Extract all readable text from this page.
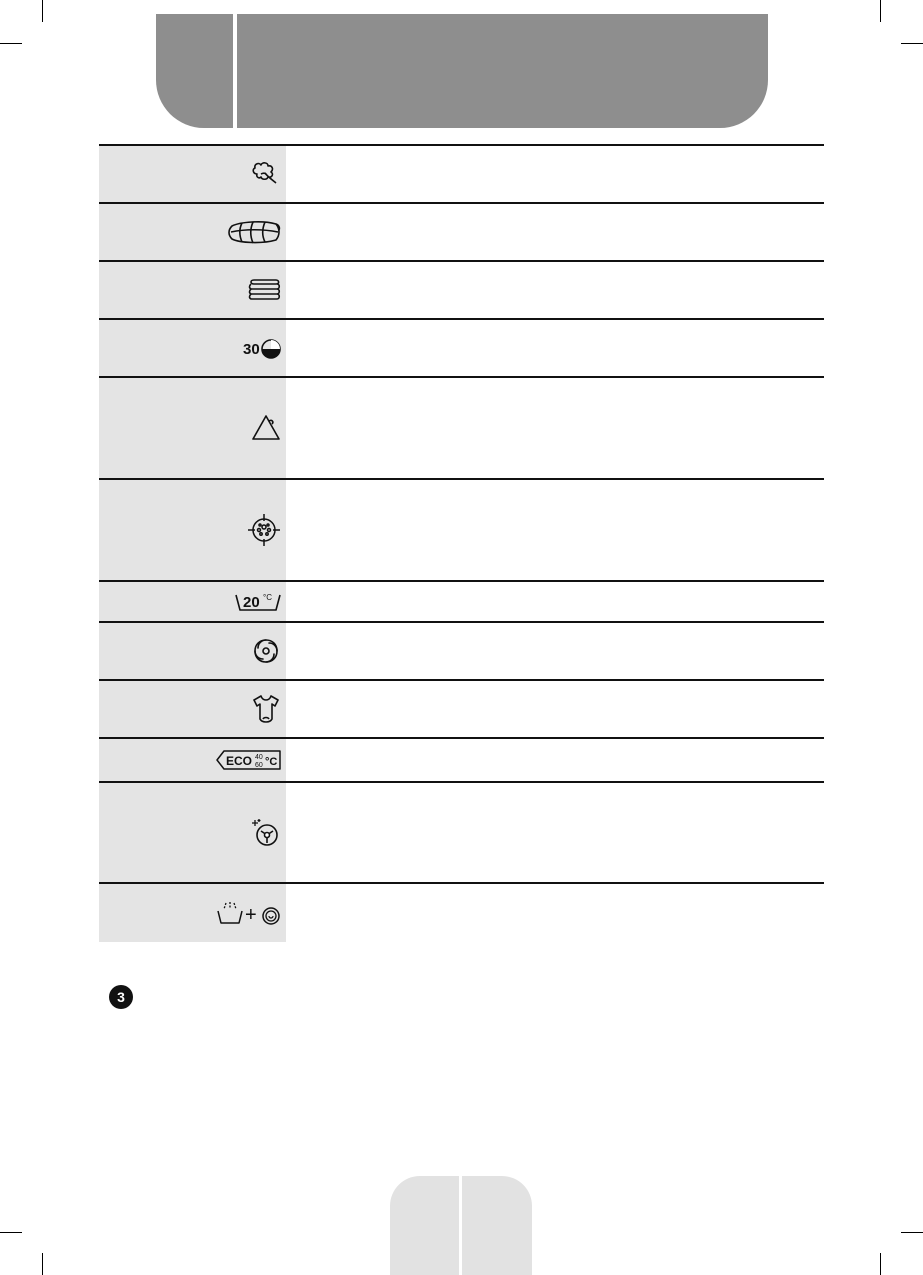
30
20 °C
ECO 40
60 °C
+
3
